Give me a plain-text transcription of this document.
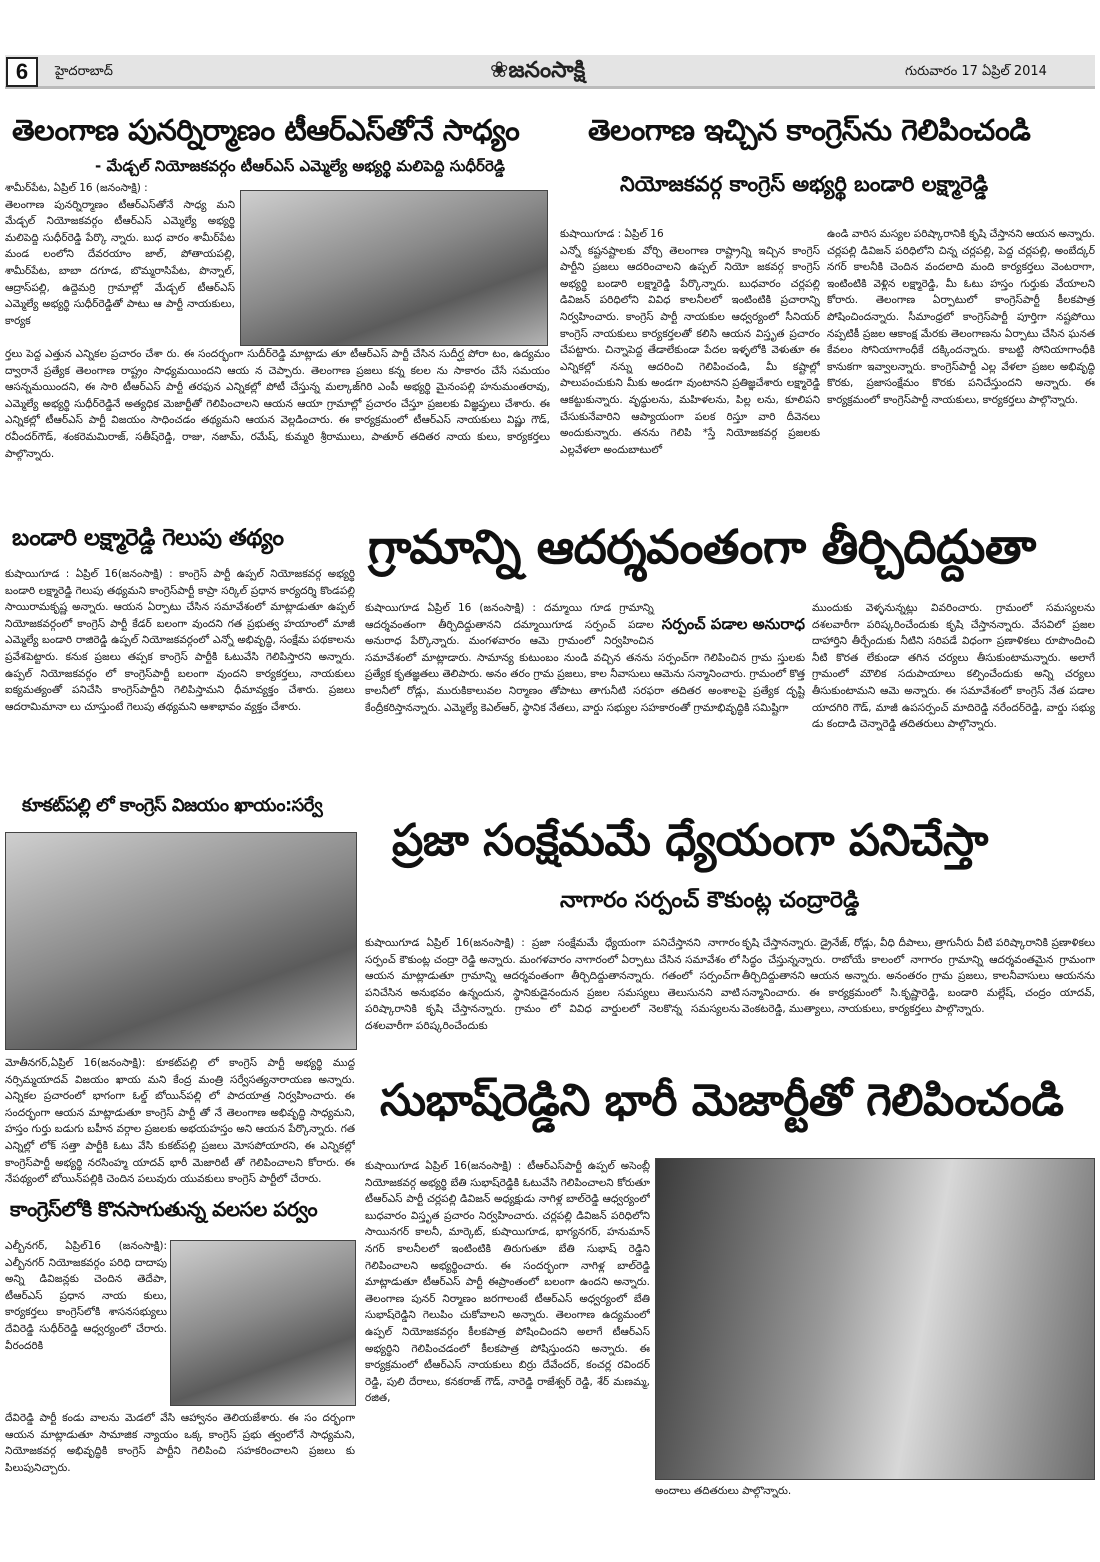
6	హైదరాబాద్	❀జనంసాక్షి	గురువారం 17 ఏప్రిల్ 2014
తెలంగాణ పునర్నిర్మాణం టీఆర్ఎస్‌తోనే సాధ్యం
- మేడ్చల్ నియోజకవర్గం టీఆర్ఎస్ ఎమ్మెల్యే అభ్యర్థి మలిపెద్ది సుధీర్‌రెడ్డి

శామీర్‌పేట, ఏప్రిల్ 16 (జనంసాక్షి) :

తెలంగాణ పునర్నిర్మాణం టీఆర్ఎస్‌తోనే సాధ్య మని మేడ్చల్ నియోజకవర్గం టీఆర్ఎస్ ఎమ్మెల్యే అభ్యర్థి మలిపెద్ది సుధీర్‌రెడ్డి పేర్కొ న్నారు. బుధ వారం శామీర్‌పేట మండ లంలోని దేవరయాం జాల్, పోతాయపల్లి, శామీర్‌పేట, బాబా దగూడ, బొమ్మరాసిపేట, పొన్నాల్, ఆద్రాస్‌పల్లి, ఉద్దెమర్రి గ్రామాల్లో మేడ్చల్ టీఆర్ఎస్ ఎమ్మెల్యే అభ్యర్థి సుధీర్‌రెడ్డితో పాటు ఆ పార్టీ నాయకులు, కార్యక

ర్తలు పెద్ద ఎత్తున ఎన్నికల ప్రచారం చేశా రు. ఈ సందర్భంగా సుదీర్‌రెడ్డి మాట్లాడు తూ టీఆర్ఎస్ పార్టీ చేసిన సుదీర్ఘ పోరా టం, ఉద్యమం ద్వారానే ప్రత్యేక తెలంగాణ రాష్ట్రం సాధ్యమయిందని ఆయ న చెప్పారు. తెలంగాణ ప్రజలు కన్న కలల ను సాకారం చేసే సమయం ఆసన్నమయిందని, ఈ సారి టీఆర్ఎస్ పార్టీ తరఫున ఎన్నికల్లో పోటీ చేస్తున్న మల్కాజ్‌గిరి ఎంపీ అభ్యర్థి మైనంపల్లి హనుమంతరావు, ఎమ్మెల్యే అభ్యర్థి సుధీర్‌రెడ్డినే అత్యధిక మెజార్టీతో గెలిపించాలని ఆయన ఆయా గ్రామాల్లో ప్రచారం చేస్తూ ప్రజలకు విజ్ఞప్తులు చేశారు. ఈ ఎన్నికల్లో టీఆర్ఎస్ పార్టీ విజయం సాధించడం తథ్యమని ఆయన వెల్లడించారు. ఈ కార్యక్రమంలో టీఆర్ఎస్ నాయకులు విష్ణు గౌడ్, రవీందర్‌గౌడ్, శంకరెమమిరాజ్, సతీష్‌రెడ్డి, రాజు, నజామ్, రమేష్, కుమ్మరి శ్రీరాములు, పాతూర్ తదితర నాయ కులు, కార్యకర్తలు పాల్గొన్నారు.
తెలంగాణ ఇచ్చిన కాంగ్రెస్‌ను గెలిపించండి
నియోజకవర్గ కాంగ్రెస్ అభ్యర్థి బండారి లక్ష్మారెడ్డి

కుషాయిగూడ : ఏప్రిల్ 16

ఎన్నో కష్టనష్టాలకు వోర్చి తెలంగాణ రాష్ట్రాన్ని ఇచ్చిన కాంగ్రెస్ పార్టీని ప్రజలు ఆదరించాలని ఉప్పల్ నియో జకవర్గ కాంగ్రెస్ అభ్యర్థి బండారి లక్ష్మారెడ్డి పేర్కొన్నారు. బుధవారం చర్లపల్లి డివిజన్ పరిధిలోని వివిధ కాలనీలలో ఇంటింటికి ప్రచారాన్ని నిర్వహించారు. కాంగ్రెస్ పార్టీ నాయకుల ఆధ్వర్యంలో సీనియర్ కాంగ్రెస్ నాయకులు కార్యకర్తలతో కలిసి ఆయన విస్తృత ప్రచారం చేపట్టారు. చిన్నాపెద్ద తేడాలేకుండా పేదల ఇళ్ళలోకి వెళుతూ ఈ ఎన్నికల్లో నన్ను ఆదరించి గెలిపించండి, మీ కష్టాల్లో పాలుపంచుకుని మీకు అండగా వుంటానని ప్రతిజ్ఞచేశారు లక్ష్మారెడ్డి ఆకట్టుకున్నారు. వృద్ధులను, మహిళలను, పిల్ల లను, కూలిపని చేసుకునేవారిని ఆప్యాయంగా పలక రిస్తూ వారి దీవెనలు అందుకున్నారు. తనను గెలిపి *స్తే నియోజకవర్గ ప్రజలకు ఎల్లవేళలా అందుబాటులో

ఉండి వారిస మస్యల పరిష్కారానికి కృషి చేస్తానని ఆయన అన్నారు. చర్లపల్లి డివిజన్ పరిధిలోని చిన్న చర్లపల్లి, పెద్ద చర్లపల్లి, అంబేద్కర్ నగర్ కాలనీకి చెందిన వందలాది మంది కార్యకర్తలు వెంటరాగా, ఇంటింటికి వెళ్లిన లక్ష్మారెడ్డి, మీ ఓటు హస్తం గుర్తుకు వేయాలని కోరారు. తెలంగాణ ఏర్పాటులో కాంగ్రెస్‌పార్టీ కీలకపాత్ర పోషించిందన్నారు. సీమాంధ్రలో కాంగ్రెస్‌పార్టీ పూర్తిగా నష్టపోయి నప్పటికీ ప్రజల ఆకాంక్ష మేరకు తెలంగాణను ఏర్పాటు చేసిన ఘనత కేవలం సోనియాగాంధీకే దక్కిందన్నారు. కాబట్టి సోనియాగాంధీకి కానుకగా ఇవ్వాలన్నారు. కాంగ్రెస్‌పార్టీ ఎల్ల వేళలా ప్రజల అభివృద్ధి కొరకు, ప్రజాసంక్షేమం కొరకు పనిచేస్తుందని అన్నారు. ఈ కార్యక్రమంలో కాంగ్రెస్‌పార్టీ నాయకులు, కార్యకర్తలు పాల్గొన్నారు.
బండారి లక్ష్మారెడ్డి గెలుపు తథ్యం
కుషాయిగూడ : ఏప్రిల్ 16(జనంసాక్షి) : కాంగ్రెస్ పార్టీ ఉప్పల్ నియోజకవర్గ అభ్యర్థి బండారి లక్ష్మారెడ్డి గెలుపు తథ్యమని కాంగ్రెస్‌పార్టీ కాప్రా సర్కిల్ ప్రధాన కార్యదర్శి కొండపల్లి సాయిరామకృష్ణ అన్నారు. ఆయన ఏర్పాటు చేసిన సమావేశంలో మాట్లాడుతూ ఉప్పల్ నియోజకవర్గంలో కాంగ్రెస్ పార్టీ కేడర్ బలంగా వుందని గత ప్రభుత్వ హయాంలో మాజీ ఎమ్మెల్యే బండారి రాజిరెడ్డి ఉప్పల్ నియోజకవర్గంలో ఎన్నో అభివృద్ధి, సంక్షేమ పథకాలను ప్రవేశపెట్టారు. కనుక ప్రజలు తప్పక కాంగ్రెస్ పార్టీకి ఓటువేసి గెలిపిస్తారని అన్నారు. ఉప్పల్ నియోజకవర్గం లో కాంగ్రెస్‌పార్టీ బలంగా వుందని కార్యకర్తలు, నాయకులు ఐక్యమత్యంతో పనిచేసి కాంగ్రెస్‌పార్టీని గెలిపిస్తామని ధీమావ్యక్తం చేశారు. ప్రజలు ఆదరామిమానా లు చూస్తుంటే గెలుపు తథ్యమని ఆశాభావం వ్యక్తం చేశారు.
కూకట్‌పల్లి లో కాంగ్రెస్ విజయం ఖాయం:సర్వే
మోతీనగర్,ఏప్రిల్ 16(జనంసాక్షి): కూకట్‌పల్లి లో కాంగ్రెస్ పార్టీ అభ్యర్థి ముద్ద నర్సిమ్మయాదవ్ విజయం ఖాయ మని కేంద్ర మంత్రి సర్వేసత్యనారాయణ అన్నారు. ఎన్నికల ప్రచారంలో భాగంగా ఓల్డ్ బోయిన్‌పల్లి లో పాదయాత్ర నిర్వహించారు. ఈ సందర్భంగా ఆయన మాట్లాడుతూ కాంగ్రెస్ పార్టీ తో నే తెలంగాణ అభివృద్ధి సాధ్యమని, హస్తం గుర్తు బడుగు బహీన వర్గాల ప్రజలకు అభయహస్తం అని ఆయన పేర్కొన్నారు. గత ఎన్నిల్లో లోక్ సత్తా పార్టీకి ఓటు వేసి కుకట్‌పల్లి ప్రజలు మోసపోయారని, ఈ ఎన్నికల్లో కాంగ్రెస్‌పార్టీ అభ్యర్థి నరసింహ్మ యాదవ్ భారీ మెజారిటీ తో గెలిపించాలని కోరారు. ఈ నేపథ్యంలో బోయిన్‌పల్లికి చెందిన పలువురు యువకులు కాంగ్రెస్ పార్టీలో చేరారు.
కాంగ్రెస్‌లోకి కొనసాగుతున్న వలసల పర్వం
ఎల్బీనగర్, ఏప్రిల్16 (జనంసాక్షి): ఎల్బీనగర్ నియోజకవర్గం పరిధి దాదాపు అన్ని డివిజన్లకు చెందిన తెదేపా, టీఆర్ఎస్ ప్రధాన నాయ కులు, కార్యకర్తలు కాంగ్రెస్‌లోకి శాసనసభ్యులు దేవిరెడ్డి సుధీర్‌రెడ్డి ఆధ్వర్యంలో చేరారు. వీరందరికి
దేవిరెడ్డి పార్టీ కండు వాలను మెడలో వేసి ఆహ్వానం తెలియజేశారు. ఈ సం దర్భంగా ఆయన మాట్లాడుతూ సామాజిక న్యాయం ఒక్క కాంగ్రెస్ ప్రభు త్వంలోనే సాధ్యమని, నియోజకవర్గ అభివృద్ధికి కాంగ్రెస్ పార్టీని గెలిపించి సహకరించాలని ప్రజలు కు పిలుపునిచ్చారు.
గ్రామాన్ని ఆదర్శవంతంగా తీర్చిదిద్దుతా
సర్పంచ్ పడాల అనురాధ
కుషాయిగూడ ఏప్రిల్ 16 (జనంసాక్షి) : దమ్మాయి గూడ గ్రామాన్ని ఆదర్శవంతంగా తీర్చిదిద్దుతానని దమ్మాయిగూడ సర్పంచ్ పడాల అనురాధ పేర్కొన్నారు. మంగళవారం ఆమె గ్రామంలో నిర్వహించిన సమావేశంలో మాట్లాడారు. సామాన్య కుటుంబం నుండి వచ్చిన తనను సర్పంచ్‌గా గెలిపించిన గ్రామ స్తులకు ప్రత్యేక కృతజ్ఞతలు తెలిపారు. అనం తరం గ్రామ ప్రజలు, కాల నీవాసులు ఆమెను సన్మానించారు. గ్రామంలో కొత్త కాలనీలో రోడ్లు, మురుకికాలువల నిర్మాణం తోపాటు తాగునీటి సరఫరా తదితర అంశాలపై ప్రత్యేక దృష్టి కేంద్రీకరిస్తానన్నారు. ఎమ్మెల్యే కెఎల్ఆర్, స్థానిక నేతలు, వార్డు సభ్యుల సహకారంతో గ్రామాభివృద్ధికి సమిష్టిగా
ముందుకు వెళ్ళనున్నట్లు వివరించారు. గ్రామంలో సమస్యలను దశలవారీగా పరిష్కరించేందుకు కృషి చేస్తానన్నారు. వేసవిలో ప్రజల దాహార్తిని తీర్చేందుకు నీటిని సరిపడే విధంగా ప్రణాళికలు రూపొందించి నీటి కొరత లేకుండా తగిన చర్యలు తీసుకుంటామన్నారు. అలాగే గ్రామంలో మౌలిక సదుపాయాలు కల్పించేందుకు అన్ని చర్యలు తీసుకుంటామని ఆమె అన్నారు. ఈ సమావేశంలో కాంగ్రెస్ నేత పడాల యాదగిరి గౌడ్, మాజీ ఉపసర్పంచ్ మాదిరెడ్డి నరేందర్‌రెడ్డి, వార్డు సభ్యు డు కందాడి చెన్నారెడ్డి తదితరులు పాల్గొన్నారు.
ప్రజా సంక్షేమమే ధ్యేయంగా పనిచేస్తా
నాగారం సర్పంచ్ కౌకుంట్ల చంద్రారెడ్డి
కుషాయిగూడ ఏప్రిల్ 16(జనంసాక్షి) : ప్రజా సంక్షేమమే ధ్యేయంగా పనిచేస్తానని నాగారం సర్పంచ్ కౌకుంట్ల చంద్రా రెడ్డి అన్నారు. మంగళవారం నాగారంలో ఏర్పాటు చేసిన సమావేశం లో ఆయన మాట్లాడుతూ గ్రామాన్ని ఆదర్శవంతంగా తీర్చిదిద్దుతానన్నారు. గతంలో సర్పంచ్‌గా పనిచేసిన అనుభవం ఉన్నందున, స్థానికుడైనందున ప్రజల సమస్యలు తెలుసునని వాటి పరిష్కారానికి కృషి చేస్తానన్నారు. గ్రామం లో వివిధ వార్డులలో నెలకొన్న సమస్యలను దశలవారీగా పరిష్కరించేందుకు
కృషి చేస్తానన్నారు. డ్రైనేజ్, రోడ్లు, వీధి దీపాలు, త్రాగునీరు వీటి పరిష్కారానికి ప్రణాళికలు సిద్ధం చేస్తున్నన్నారు. రాబోయే కాలంలో నాగారం గ్రామాన్ని ఆదర్శవంతమైన గ్రామంగా తీర్చిదిద్దుతానని ఆయన అన్నారు. అనంతరం గ్రామ ప్రజలు, కాలనీవాసులు ఆయనను సన్మానించారు. ఈ కార్యక్రమంలో సి.కృష్ణారెడ్డి, బండారి మల్లేష్, చంద్రం యాదవ్, వెంకటరెడ్డి, ముత్యాలు, నాయకులు, కార్యకర్తలు పాల్గొన్నారు.
సుభాష్‌రెడ్డిని భారీ మెజార్టీతో గెలిపించండి
కుషాయిగూడ ఏప్రిల్ 16(జనంసాక్షి) : టీఆర్ఎస్‌పార్టీ ఉప్పల్ అసెంబ్లీ నియోజకవర్గ అభ్యర్థి బేతి సుభాష్‌రెడ్డికి ఓటువేసి గెలిపించాలని కోరుతూ టీఆర్ఎస్ పార్టీ చర్లపల్లి డివిజన్ అధ్యక్షుడు నాగిళ్ల బాల్‌రెడ్డి ఆధ్వర్యంలో బుధవారం విస్తృత ప్రచారం నిర్వహించారు. చర్లపల్లి డివిజన్ పరిధిలోని సాయినగర్ కాలనీ, మార్కెట్, కుషాయిగూడ, భాగ్యనగర్, హనుమాన్ నగర్ కాలనీలలో ఇంటింటికి తిరుగుతూ బేతి సుభాష్ రెడ్డిని గెలిపించాలని అభ్యర్థించారు. ఈ సందర్భంగా నాగిళ్ల బాల్‌రెడ్డి మాట్లాడుతూ టీఆర్ఎస్ పార్టీ ఈప్రాంతంలో బలంగా ఉందని అన్నారు. తెలంగాణ పునర్ నిర్మాణం జరగాలంటే టీఆర్ఎస్ అధ్వర్యంలో బేతి సుభాష్‌రెడ్డిని గెలుపిం చుకోవాలని అన్నారు. తెలంగాణ ఉద్యమంలో ఉప్పల్ నియోజకవర్గం కీలకపాత్ర పోషించిందని అలాగే టీఆర్ఎస్ అభ్యర్థిని గెలిపించడంలో కీలకపాత్ర పోషిస్తుందని అన్నారు. ఈ కార్యక్రమంలో టీఆర్ఎస్ నాయకులు బిర్రు దేవేందర్, కంచర్ల రవిందర్ రెడ్డి, పులి దేరాలు, కనకరాజ్ గౌడ్, నారెడ్డి రాజేశ్వర్ రెడ్డి, శేర్ మణమ్మ, రజిత,
అందాలు తదితరులు పాల్గొన్నారు.
